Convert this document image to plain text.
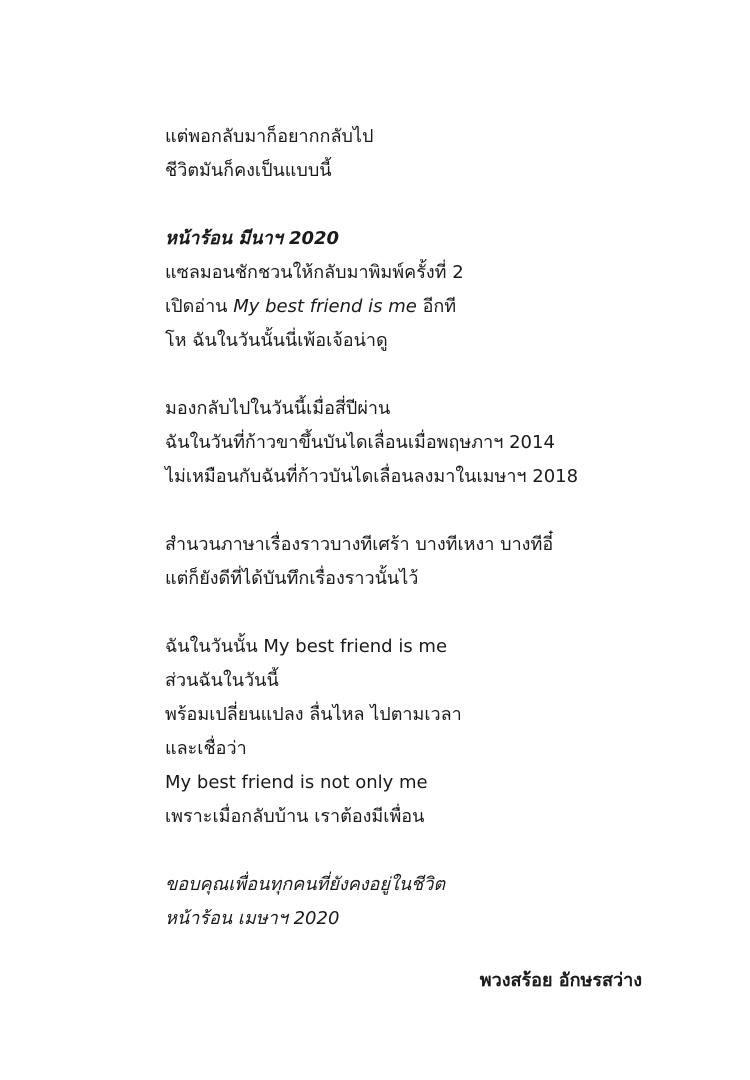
แต่พอกลับมาก็อยากกลับไป
ชีวิตมันก็คงเป็นแบบนี้
หน้าร้อน มีนาฯ 2020
แซลมอนชักชวนให้กลับมาพิมพ์ครั้งที่ 2
เปิดอ่าน My best friend is me อีกที
โห ฉันในวันนั้นนี่เพ้อเจ้อน่าดู
มองกลับไปในวันนี้เมื่อสี่ปีผ่าน
ฉันในวันที่ก้าวขาขึ้นบันไดเลื่อนเมื่อพฤษภาฯ 2014
ไม่เหมือนกับฉันที่ก้าวบันไดเลื่อนลงมาในเมษาฯ 2018
สำนวนภาษาเรื่องราวบางทีเศร้า บางทีเหงา บางทีอี๋
แต่ก็ยังดีที่ได้บันทึกเรื่องราวนั้นไว้
ฉันในวันนั้น My best friend is me
ส่วนฉันในวันนี้
พร้อมเปลี่ยนแปลง ลื่นไหล ไปตามเวลา
และเชื่อว่า
My best friend is not only me
เพราะเมื่อกลับบ้าน เราต้องมีเพื่อน
ขอบคุณเพื่อนทุกคนที่ยังคงอยู่ในชีวิต
หน้าร้อน เมษาฯ 2020
พวงสร้อย อักษรสว่าง
